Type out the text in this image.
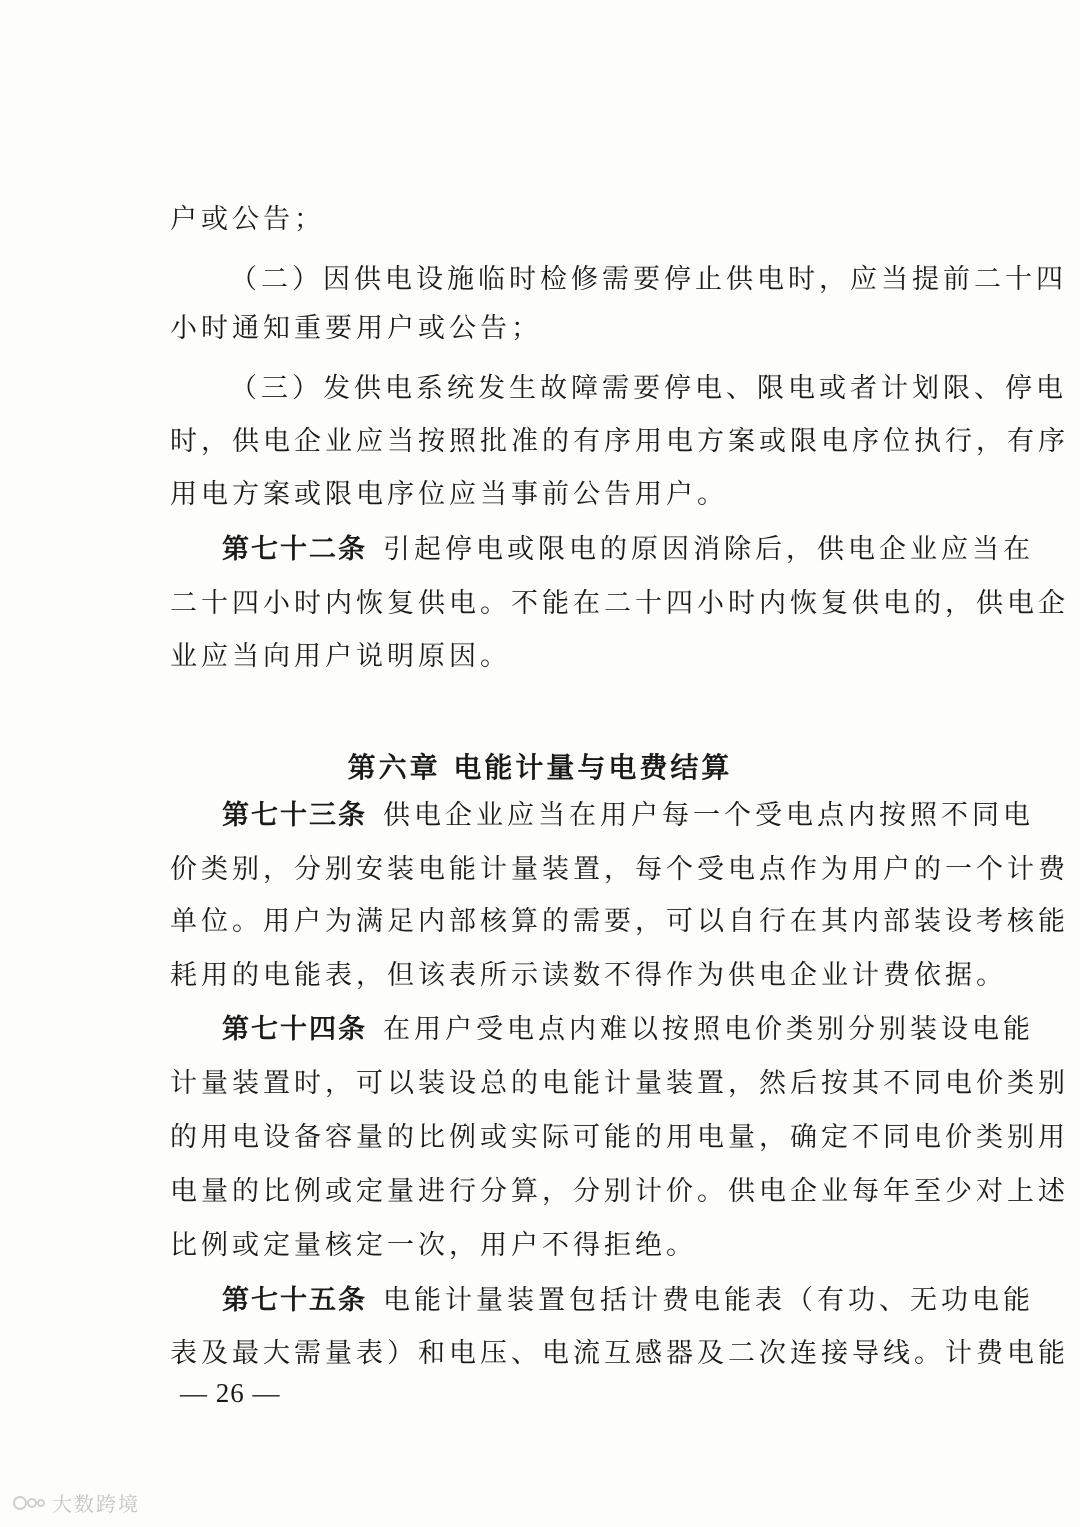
户或公告；
（二）因供电设施临时检修需要停止供电时，应当提前二十四
小时通知重要用户或公告；
（三）发供电系统发生故障需要停电、限电或者计划限、停电
时，供电企业应当按照批准的有序用电方案或限电序位执行，有序
用电方案或限电序位应当事前公告用户。
第七十二条 引起停电或限电的原因消除后，供电企业应当在
二十四小时内恢复供电。不能在二十四小时内恢复供电的，供电企
业应当向用户说明原因。
第七十三条 供电企业应当在用户每一个受电点内按照不同电
价类别，分别安装电能计量装置，每个受电点作为用户的一个计费
单位。用户为满足内部核算的需要，可以自行在其内部装设考核能
耗用的电能表，但该表所示读数不得作为供电企业计费依据。
第七十四条 在用户受电点内难以按照电价类别分别装设电能
计量装置时，可以装设总的电能计量装置，然后按其不同电价类别
的用电设备容量的比例或实际可能的用电量，确定不同电价类别用
电量的比例或定量进行分算，分别计价。供电企业每年至少对上述
比例或定量核定一次，用户不得拒绝。
第七十五条 电能计量装置包括计费电能表（有功、无功电能
表及最大需量表）和电压、电流互感器及二次连接导线。计费电能
第六章 电能计量与电费结算
— 26 —
大数跨境
